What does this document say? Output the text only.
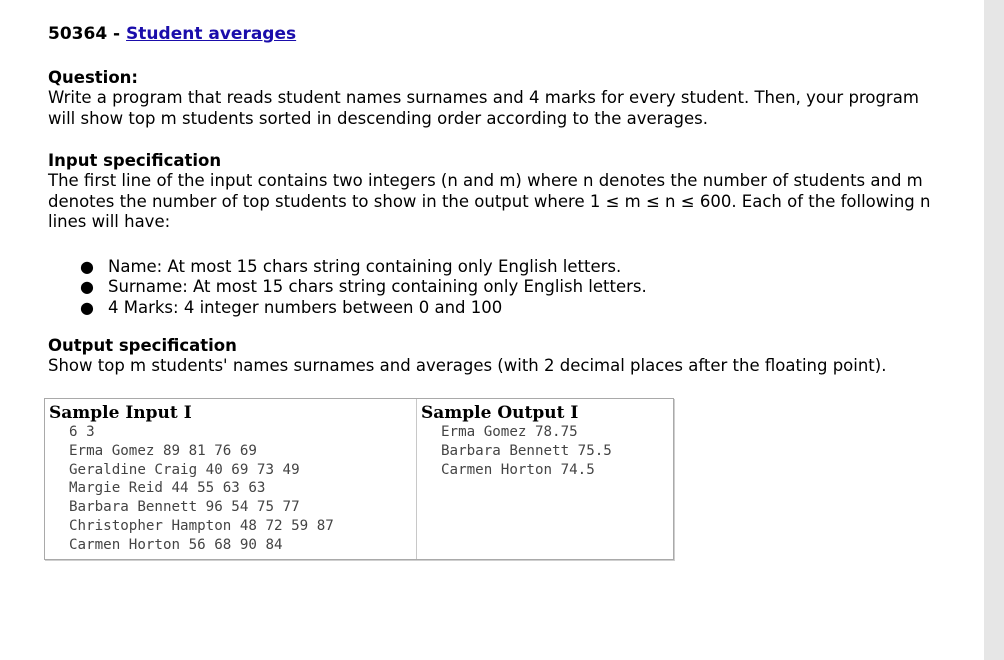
50364 - Student averages

Question:

Write a program that reads student names surnames and 4 marks for every student. Then, your program will show top m students sorted in descending order according to the averages.

Input specification

The first line of the input contains two integers (n and m) where n denotes the number of students and m denotes the number of top students to show in the output where 1 ≤ m ≤ n ≤ 600. Each of the following n lines will have:

● Name: At most 15 chars string containing only English letters.
● Surname: At most 15 chars string containing only English letters.
● 4 Marks: 4 integer numbers between 0 and 100

Output specification

Show top m students' names surnames and averages (with 2 decimal places after the floating point).

Sample Input I

6 3
Erma Gomez 89 81 76 69
Geraldine Craig 40 69 73 49
Margie Reid 44 55 63 63
Barbara Bennett 96 54 75 77
Christopher Hampton 48 72 59 87
Carmen Horton 56 68 90 84

Sample Output I

Erma Gomez 78.75
Barbara Bennett 75.5
Carmen Horton 74.5
